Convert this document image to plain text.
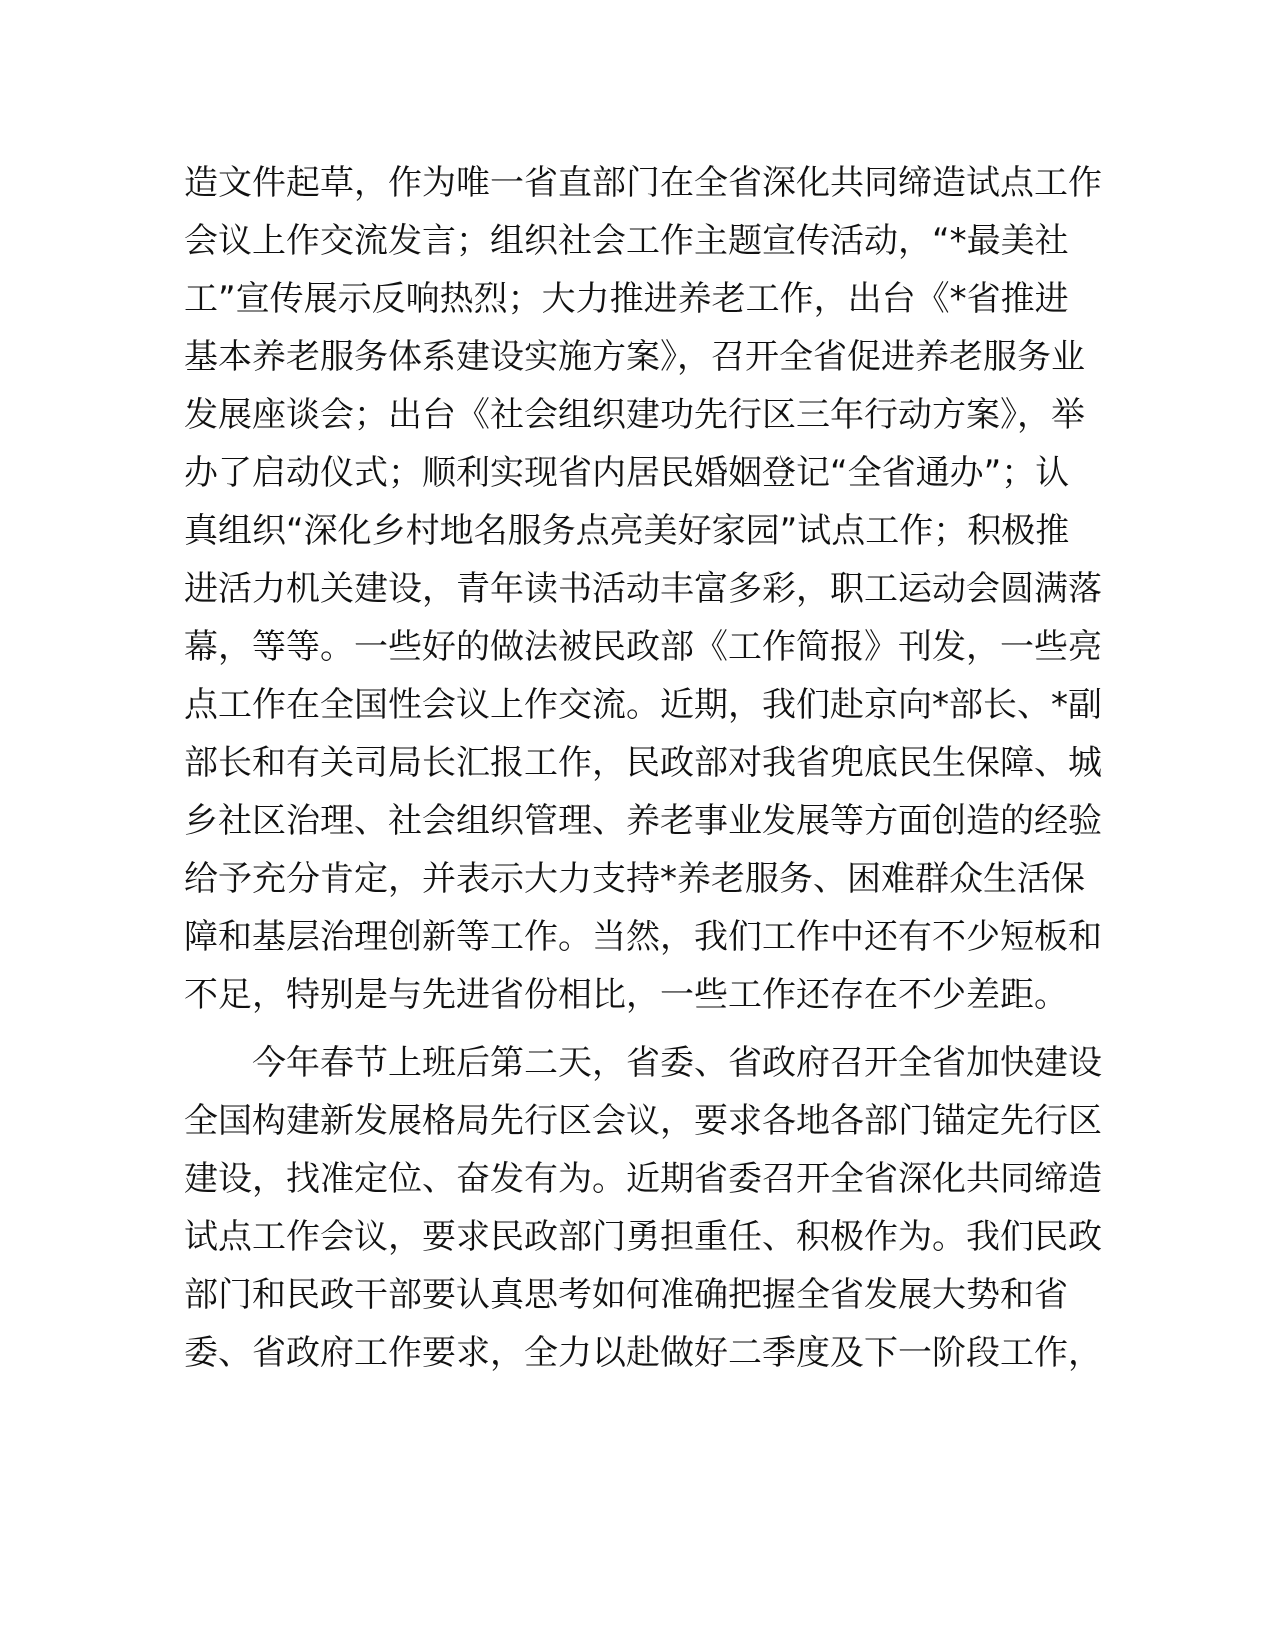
造文件起草，作为唯一省直部门在全省深化共同缔造试点工作
会议上作交流发言；组织社会工作主题宣传活动，“*最美社
工”宣传展示反响热烈；大力推进养老工作，出台《*省推进
基本养老服务体系建设实施方案》，召开全省促进养老服务业
发展座谈会；出台《社会组织建功先行区三年行动方案》，举
办了启动仪式；顺利实现省内居民婚姻登记“全省通办”；认
真组织“深化乡村地名服务点亮美好家园”试点工作；积极推
进活力机关建设，青年读书活动丰富多彩，职工运动会圆满落
幕，等等。一些好的做法被民政部《工作简报》刊发，一些亮
点工作在全国性会议上作交流。近期，我们赴京向*部长、*副
部长和有关司局长汇报工作，民政部对我省兜底民生保障、城
乡社区治理、社会组织管理、养老事业发展等方面创造的经验
给予充分肯定，并表示大力支持*养老服务、困难群众生活保
障和基层治理创新等工作。当然，我们工作中还有不少短板和
不足，特别是与先进省份相比，一些工作还存在不少差距。
今年春节上班后第二天，省委、省政府召开全省加快建设
全国构建新发展格局先行区会议，要求各地各部门锚定先行区
建设，找准定位、奋发有为。近期省委召开全省深化共同缔造
试点工作会议，要求民政部门勇担重任、积极作为。我们民政
部门和民政干部要认真思考如何准确把握全省发展大势和省
委、省政府工作要求，全力以赴做好二季度及下一阶段工作，
